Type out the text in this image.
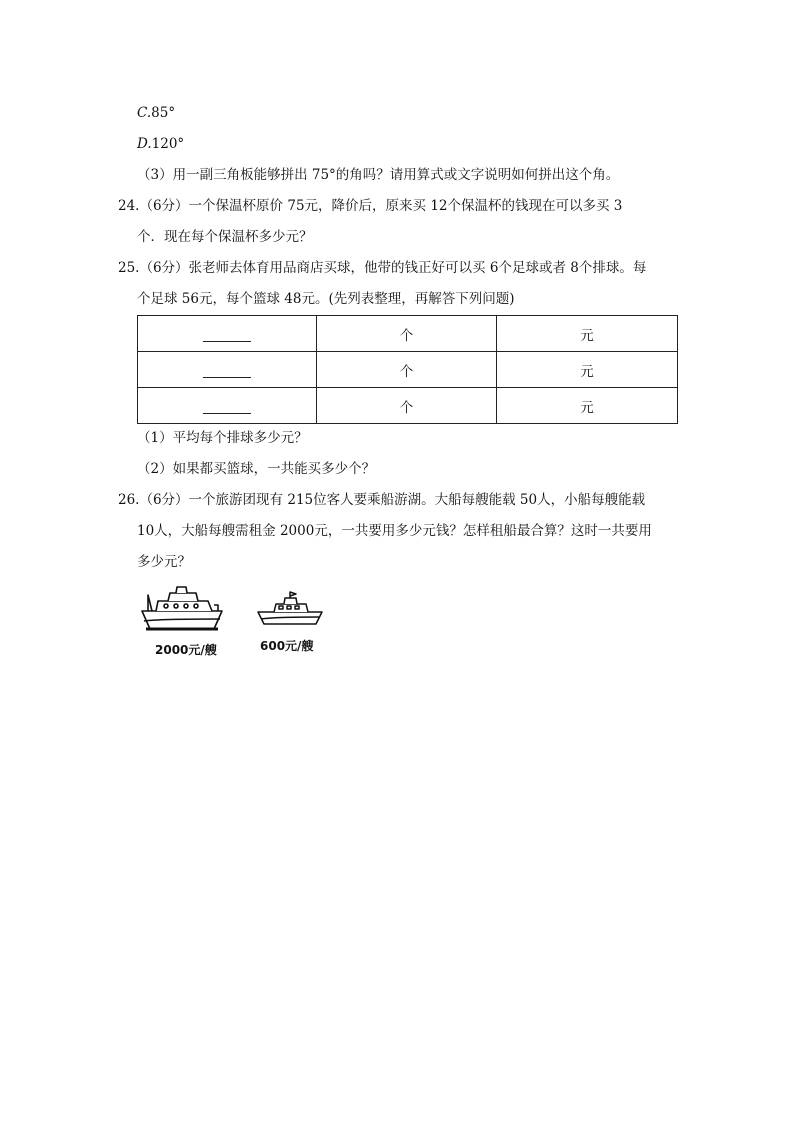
C.85°
D.120°
（3）用一副三角板能够拼出 75°的角吗？请用算式或文字说明如何拼出这个角。
24.（6分）一个保温杯原价 75元，降价后，原来买 12个保温杯的钱现在可以多买 3
个．现在每个保温杯多少元？
25.（6分）张老师去体育用品商店买球，他带的钱正好可以买 6个足球或者 8个排球。每
个足球 56元，每个篮球 48元。(先列表整理，再解答下列问题)
	个	元
	个	元
	个	元
（1）平均每个排球多少元？
（2）如果都买篮球，一共能买多少个？
26.（6分）一个旅游团现有 215位客人要乘船游湖。大船每艘能载 50人，小船每艘能载
10人，大船每艘需租金 2000元，一共要用多少元钱？怎样租船最合算？这时一共要用
多少元？
2000元/艘	600元/艘
